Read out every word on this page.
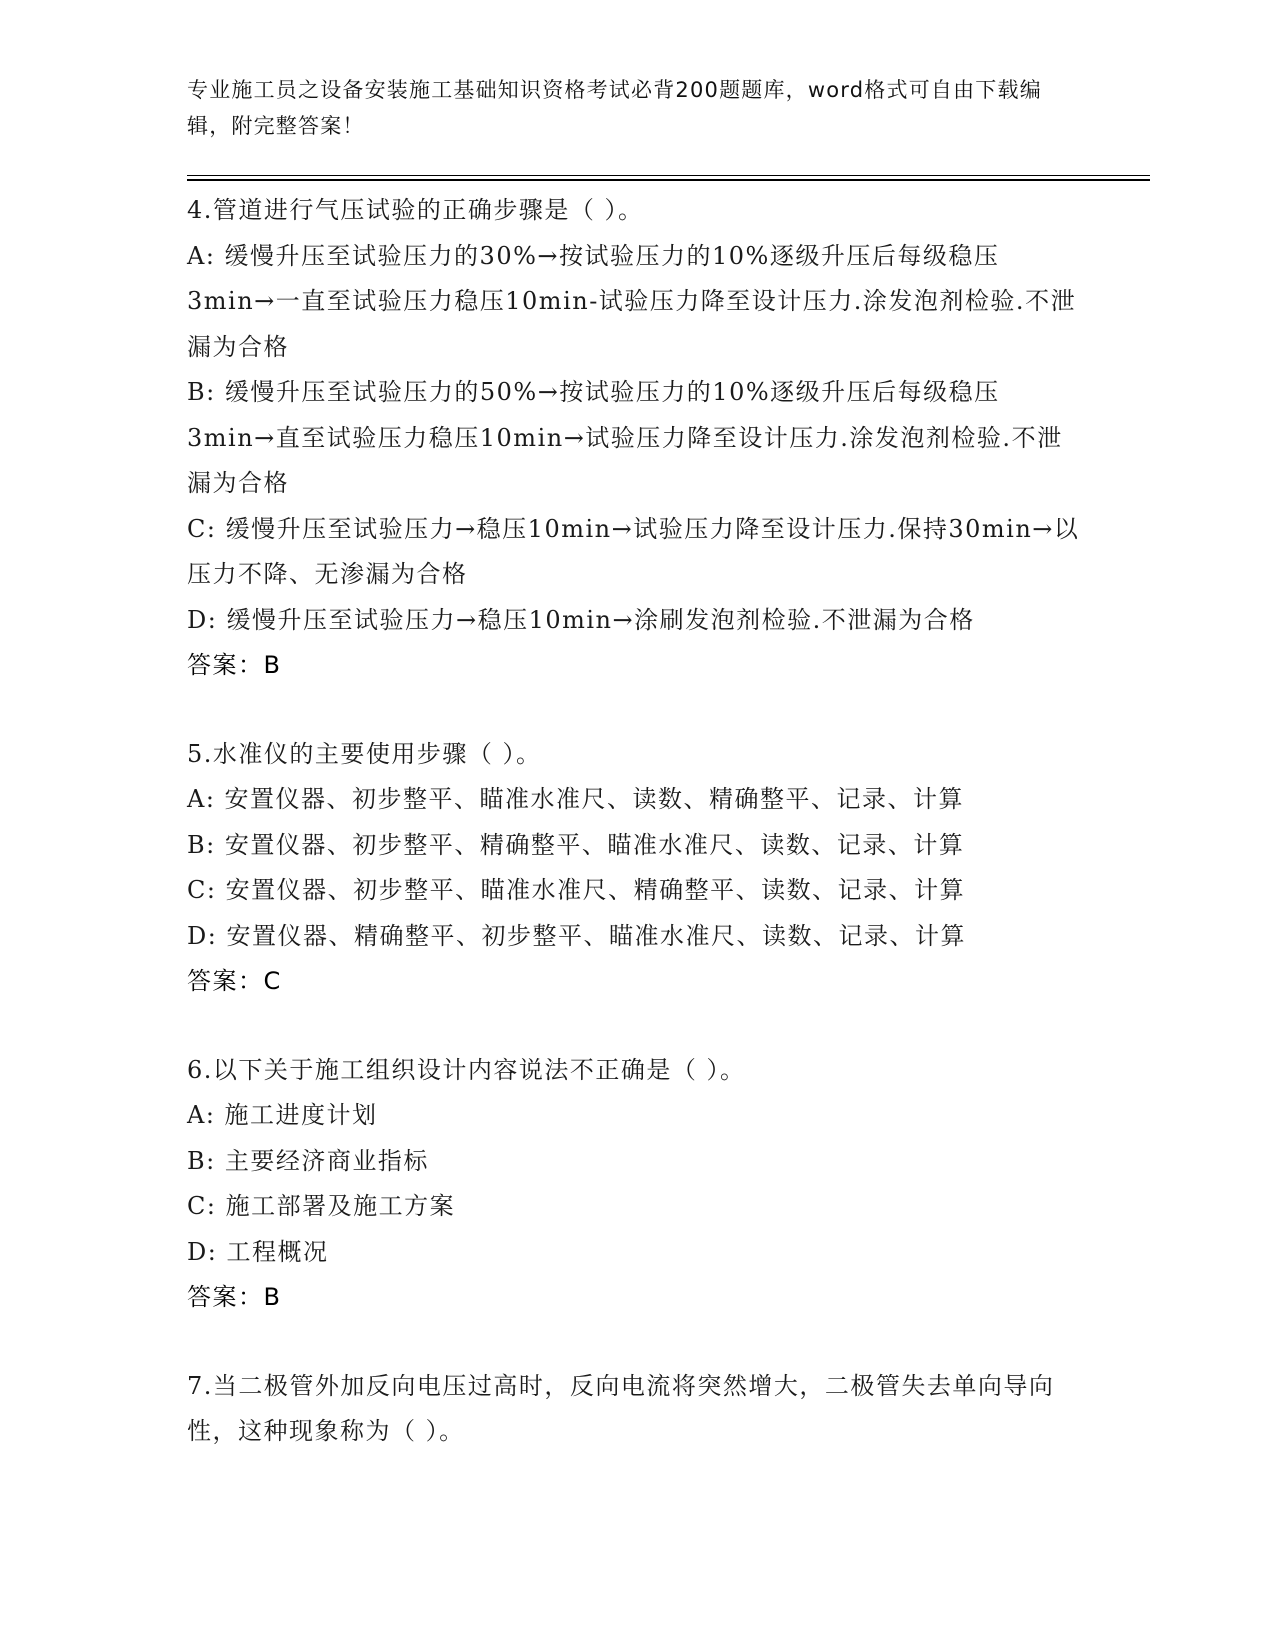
专业施工员之设备安装施工基础知识资格考试必背200题题库，word格式可自由下载编辑，附完整答案！
4.管道进行气压试验的正确步骤是（ ）。
A: 缓慢升压至试验压力的30%→按试验压力的10%逐级升压后每级稳压3min→一直至试验压力稳压10min-试验压力降至设计压力.涂发泡剂检验.不泄漏为合格
B: 缓慢升压至试验压力的50%→按试验压力的10%逐级升压后每级稳压3min→直至试验压力稳压10min→试验压力降至设计压力.涂发泡剂检验.不泄漏为合格
C: 缓慢升压至试验压力→稳压10min→试验压力降至设计压力.保持30min→以压力不降、无渗漏为合格
D: 缓慢升压至试验压力→稳压10min→涂刷发泡剂检验.不泄漏为合格
答案：B
5.水准仪的主要使用步骤（ ）。
A: 安置仪器、初步整平、瞄准水准尺、读数、精确整平、记录、计算
B: 安置仪器、初步整平、精确整平、瞄准水准尺、读数、记录、计算
C: 安置仪器、初步整平、瞄准水准尺、精确整平、读数、记录、计算
D: 安置仪器、精确整平、初步整平、瞄准水准尺、读数、记录、计算
答案：C
6.以下关于施工组织设计内容说法不正确是（ ）。
A: 施工进度计划
B: 主要经济商业指标
C: 施工部署及施工方案
D: 工程概况
答案：B
7.当二极管外加反向电压过高时，反向电流将突然增大，二极管失去单向导向性，这种现象称为（ ）。
